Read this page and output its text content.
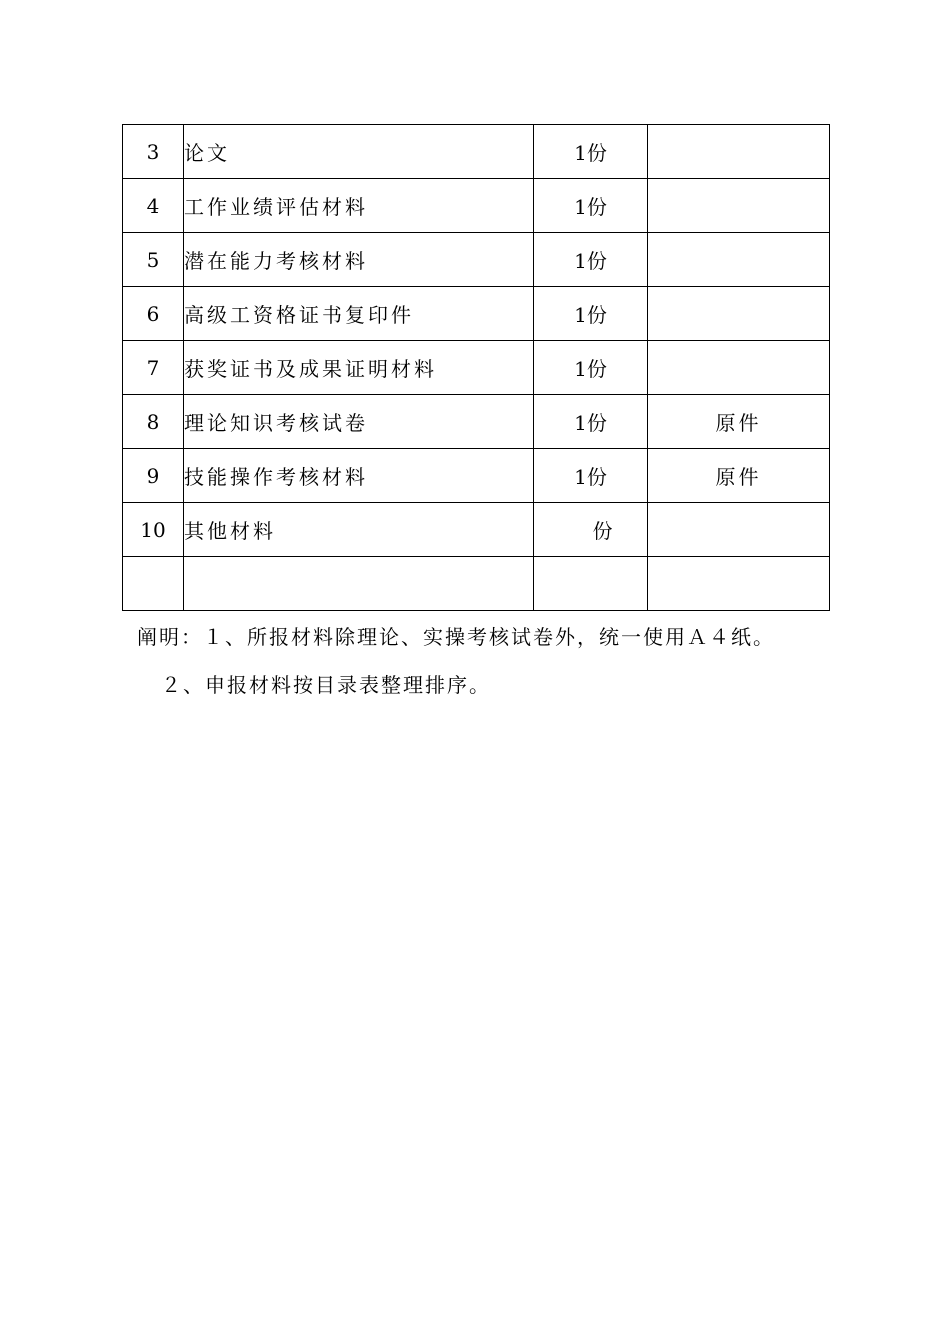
3	论文	1份	
4	工作业绩评估材料	1份	
5	潜在能力考核材料	1份	
6	高级工资格证书复印件	1份	
7	获奖证书及成果证明材料	1份	
8	理论知识考核试卷	1份	原件
9	技能操作考核材料	1份	原件
10	其他材料	份	

阐明：１、所报材料除理论、实操考核试卷外，统一使用Ａ４纸。
２、申报材料按目录表整理排序。
